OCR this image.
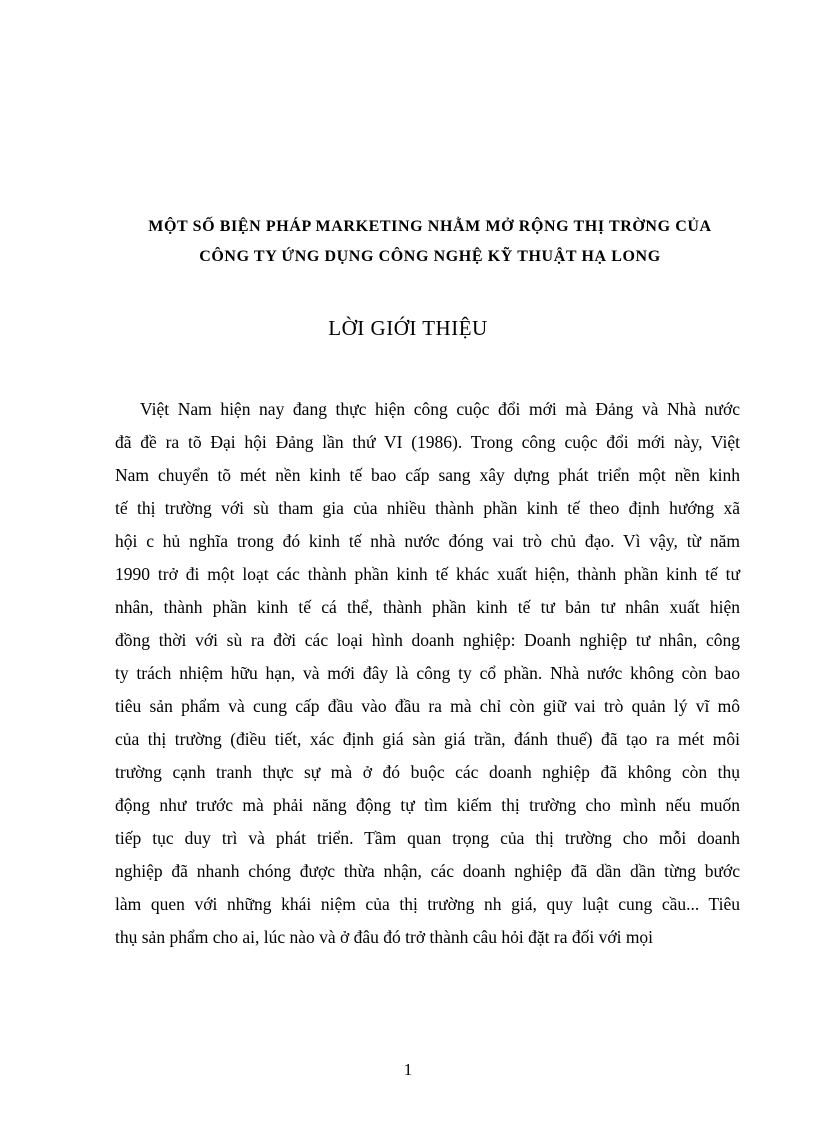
MỘT SỐ BIỆN PHÁP MARKETING NHẰM MỞ RỘNG THỊ TRỜNG CỦA
CÔNG TY ỨNG DỤNG CÔNG NGHỆ KỸ THUẬT HẠ LONG
LỜI GIỚI THIỆU
Việt Nam hiện nay đang thực hiện công cuộc đổi mới mà Đảng và Nhà nước
đã đề ra tõ Đại hội Đảng lần thứ VI (1986). Trong công cuộc đổi mới này, Việt
Nam chuyển tõ mét nền kinh tế bao cấp sang xây dựng phát triển một nền kinh
tế thị trường với sù tham gia của nhiều thành phần kinh tế theo định hướng xã
hội c hủ nghĩa trong đó kinh tế nhà nước đóng vai trò chủ đạo. Vì vậy, từ năm
1990 trở đi một loạt các thành phần kinh tế khác xuất hiện, thành phần kinh tế tư
nhân, thành phần kinh tế cá thể, thành phần kinh tế tư bản tư nhân xuất hiện
đồng thời với sù ra đời các loại hình doanh nghiệp: Doanh nghiệp tư nhân, công
ty trách nhiệm hữu hạn, và mới đây là công ty cổ phần. Nhà nước không còn bao
tiêu sản phẩm và cung cấp đầu vào đầu ra mà chỉ còn giữ vai trò quản lý vĩ mô
của thị trường (điều tiết, xác định giá sàn giá trần, đánh thuế) đã tạo ra mét môi
trường cạnh tranh thực sự mà ở đó buộc các doanh nghiệp đã không còn thụ
động như trước mà phải năng động tự tìm kiếm thị trường cho mình nếu muốn
tiếp tục duy trì và phát triển. Tầm quan trọng của thị trường cho mỗi doanh
nghiệp đã nhanh chóng được thừa nhận, các doanh nghiệp đã dần dần từng bước
làm quen với những khái niệm của thị trường nh giá, quy luật cung cầu... Tiêu
thụ sản phẩm cho ai, lúc nào và ở đâu đó trở thành câu hỏi đặt ra đối với mọi
1
